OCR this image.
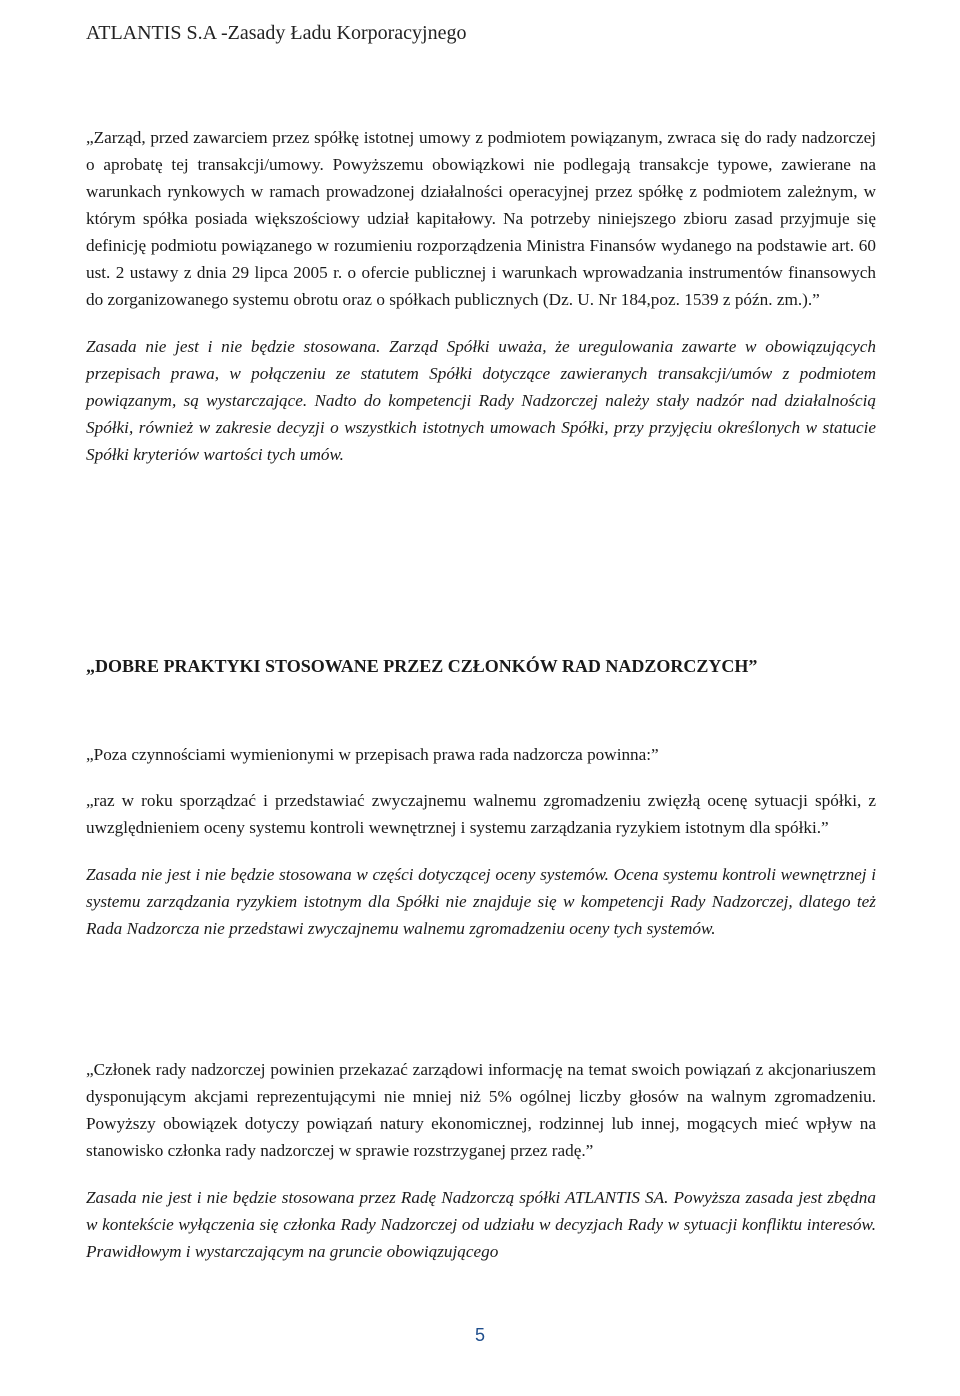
ATLANTIS S.A -Zasady Ładu Korporacyjnego

„Zarząd, przed zawarciem przez spółkę istotnej umowy z podmiotem powiązanym, zwraca się do rady nadzorczej o aprobatę tej transakcji/umowy. Powyższemu obowiązkowi nie podlegają transakcje typowe, zawierane na warunkach rynkowych w ramach prowadzonej działalności operacyjnej przez spółkę z podmiotem zależnym, w którym spółka posiada większościowy udział kapitałowy. Na potrzeby niniejszego zbioru zasad przyjmuje się definicję podmiotu powiązanego w rozumieniu rozporządzenia Ministra Finansów wydanego na podstawie art. 60 ust. 2 ustawy z dnia 29 lipca 2005 r. o ofercie publicznej i warunkach wprowadzania instrumentów finansowych do zorganizowanego systemu obrotu oraz o spółkach publicznych (Dz. U. Nr 184,poz. 1539 z późn. zm.).”

Zasada nie jest i nie będzie stosowana. Zarząd Spółki uważa, że uregulowania zawarte w obowiązujących przepisach prawa, w połączeniu ze statutem Spółki dotyczące zawieranych transakcji/umów z podmiotem powiązanym, są wystarczające. Nadto do kompetencji Rady Nadzorczej należy stały nadzór nad działalnością Spółki, również w zakresie decyzji o wszystkich istotnych umowach Spółki, przy przyjęciu określonych w statucie Spółki kryteriów wartości tych umów.

„DOBRE PRAKTYKI STOSOWANE PRZEZ CZŁONKÓW RAD NADZORCZYCH”

„Poza czynnościami wymienionymi w przepisach prawa rada nadzorcza powinna:”

„raz w roku sporządzać i przedstawiać zwyczajnemu walnemu zgromadzeniu zwięzłą ocenę sytuacji spółki, z uwzględnieniem oceny systemu kontroli wewnętrznej i systemu zarządzania ryzykiem istotnym dla spółki.”

Zasada nie jest i nie będzie stosowana w części dotyczącej oceny systemów. Ocena systemu kontroli wewnętrznej i systemu zarządzania ryzykiem istotnym dla Spółki nie znajduje się w kompetencji Rady Nadzorczej, dlatego też Rada Nadzorcza nie przedstawi zwyczajnemu walnemu zgromadzeniu oceny tych systemów.

„Członek rady nadzorczej powinien przekazać zarządowi informację na temat swoich powiązań z akcjonariuszem dysponującym akcjami reprezentującymi nie mniej niż 5% ogólnej liczby głosów na walnym zgromadzeniu. Powyższy obowiązek dotyczy powiązań natury ekonomicznej, rodzinnej lub innej, mogących mieć wpływ na stanowisko członka rady nadzorczej w sprawie rozstrzyganej przez radę.”

Zasada nie jest i nie będzie stosowana przez Radę Nadzorczą spółki ATLANTIS SA. Powyższa zasada jest zbędna w kontekście wyłączenia się członka Rady Nadzorczej od udziału w decyzjach Rady w sytuacji konfliktu interesów. Prawidłowym i wystarczającym na gruncie obowiązującego

5
